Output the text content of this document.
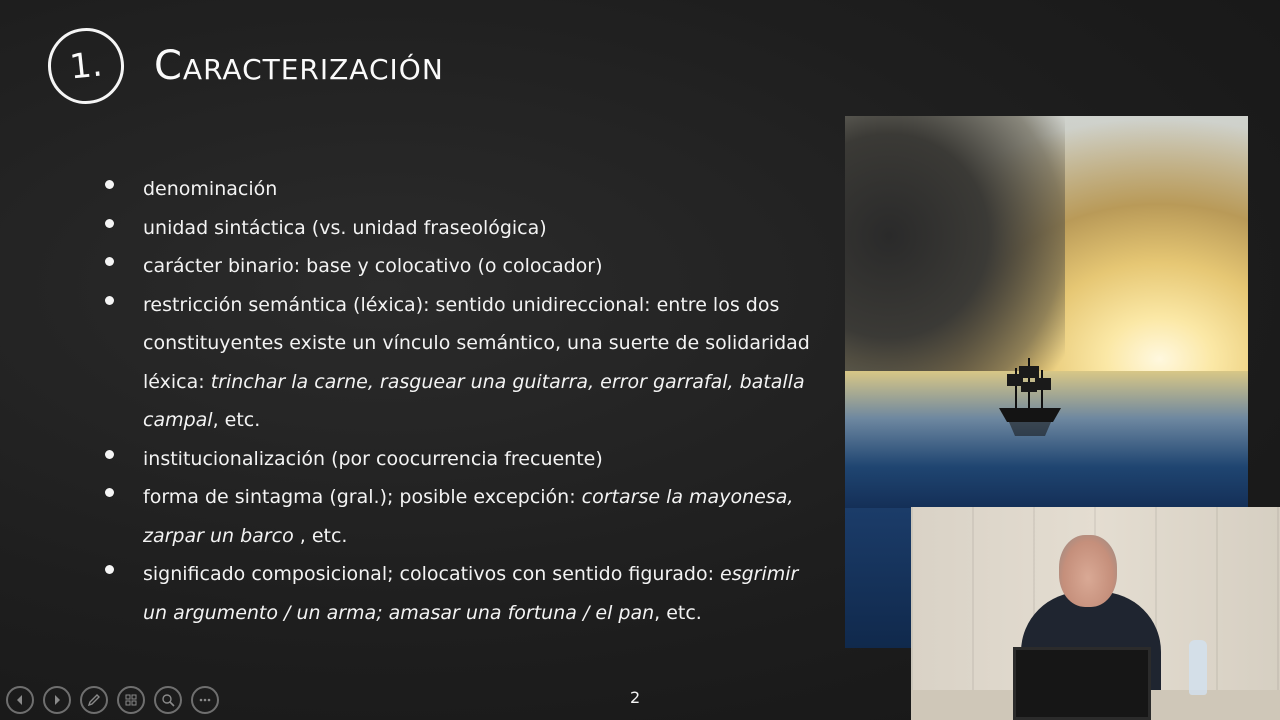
1.	Caracterización
denominación
unidad sintáctica (vs. unidad fraseológica)
carácter binario: base y colocativo (o colocador)
restricción semántica (léxica): sentido unidireccional: entre los dos constituyentes existe un vínculo semántico, una suerte de solidaridad léxica: trinchar la carne, rasguear una guitarra, error garrafal, batalla campal, etc.
institucionalización (por coocurrencia frecuente)
forma de sintagma (gral.); posible excepción: cortarse la mayonesa, zarpar un barco , etc.
significado composicional; colocativos con sentido figurado: esgrimir un argumento / un arma; amasar una fortuna / el pan, etc.
2
